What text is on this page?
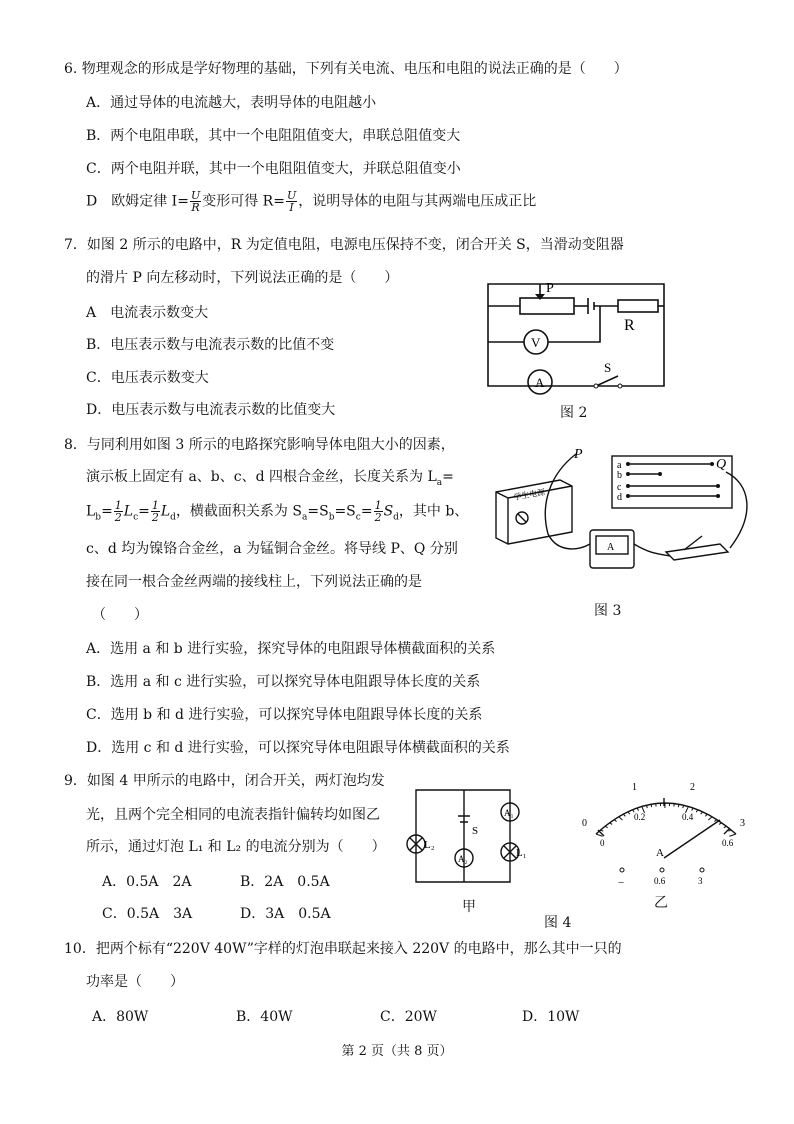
6. 物理观念的形成是学好物理的基础，下列有关电流、电压和电阻的说法正确的是（　　）
A．通过导体的电流越大，表明导体的电阻越小
B．两个电阻串联，其中一个电阻阻值变大，串联总阻值变大
C．两个电阻并联，其中一个电阻阻值变大，并联总阻值变小
D　欧姆定律 $I= \frac{U}{R}$ 变形可得 $R= \frac{U}{I}$ ，说明导体的电阻与其两端电压成正比
7．如图 2 所示的电路中，R 为定值电阻，电源电压保持不变，闭合开关 S，当滑动变阻器
的滑片 P 向左移动时，下列说法正确的是（　　）
A　电流表示数变大
B．电压表示数与电流表示数的比值不变
C．电压表示数变大
D．电压表示数与电流表示数的比值变大
P
R
V
A
S
图 2
8．与同利用如图 3 所示的电路探究影响导体电阻大小的因素，
演示板上固定有 a、b、c、d 四根合金丝，长度关系为 $L_a=$
$L_b= \frac{1}{2} L_c= \frac{1}{2} L_d$，横截面积关系为 $S_a=S_b=S_c= \frac{1}{2} S_d$，其中 b、
c、d 均为镍铬合金丝，a 为锰铜合金丝。将导线 P、Q 分别
接在同一根合金丝两端的接线柱上，下列说法正确的是
（　　）
A．选用 a 和 b 进行实验，探究导体的电阻跟导体横截面积的关系
B．选用 a 和 c 进行实验，可以探究导体电阻跟导体长度的关系
C．选用 b 和 d 进行实验，可以探究导体电阻跟导体长度的关系
D．选用 c 和 d 进行实验，可以探究导体电阻跟导体横截面积的关系
P
Q
a
b
c
d
学生电源
A
图 3
9．如图 4 甲所示的电路中，闭合开关，两灯泡均发
光，且两个完全相同的电流表指针偏转均如图乙
所示，通过灯泡 L₁ 和 L₂ 的电流分别为（　　）
A．0.5A　2A	B．2A　0.5A
C．0.5A　3A	D．3A　0.5A
L₂
L₁
A₁
A₂
S
甲
0
1	2
3
0
0.2	0.4
0.6
A
−	0.6	3
乙
图 4
10．把两个标有“220V 40W”字样的灯泡串联起来接入 220V 的电路中，那么其中一只的
功率是（　　）
A．80W	B．40W	C．20W	D．10W
第 2 页（共 8 页）
